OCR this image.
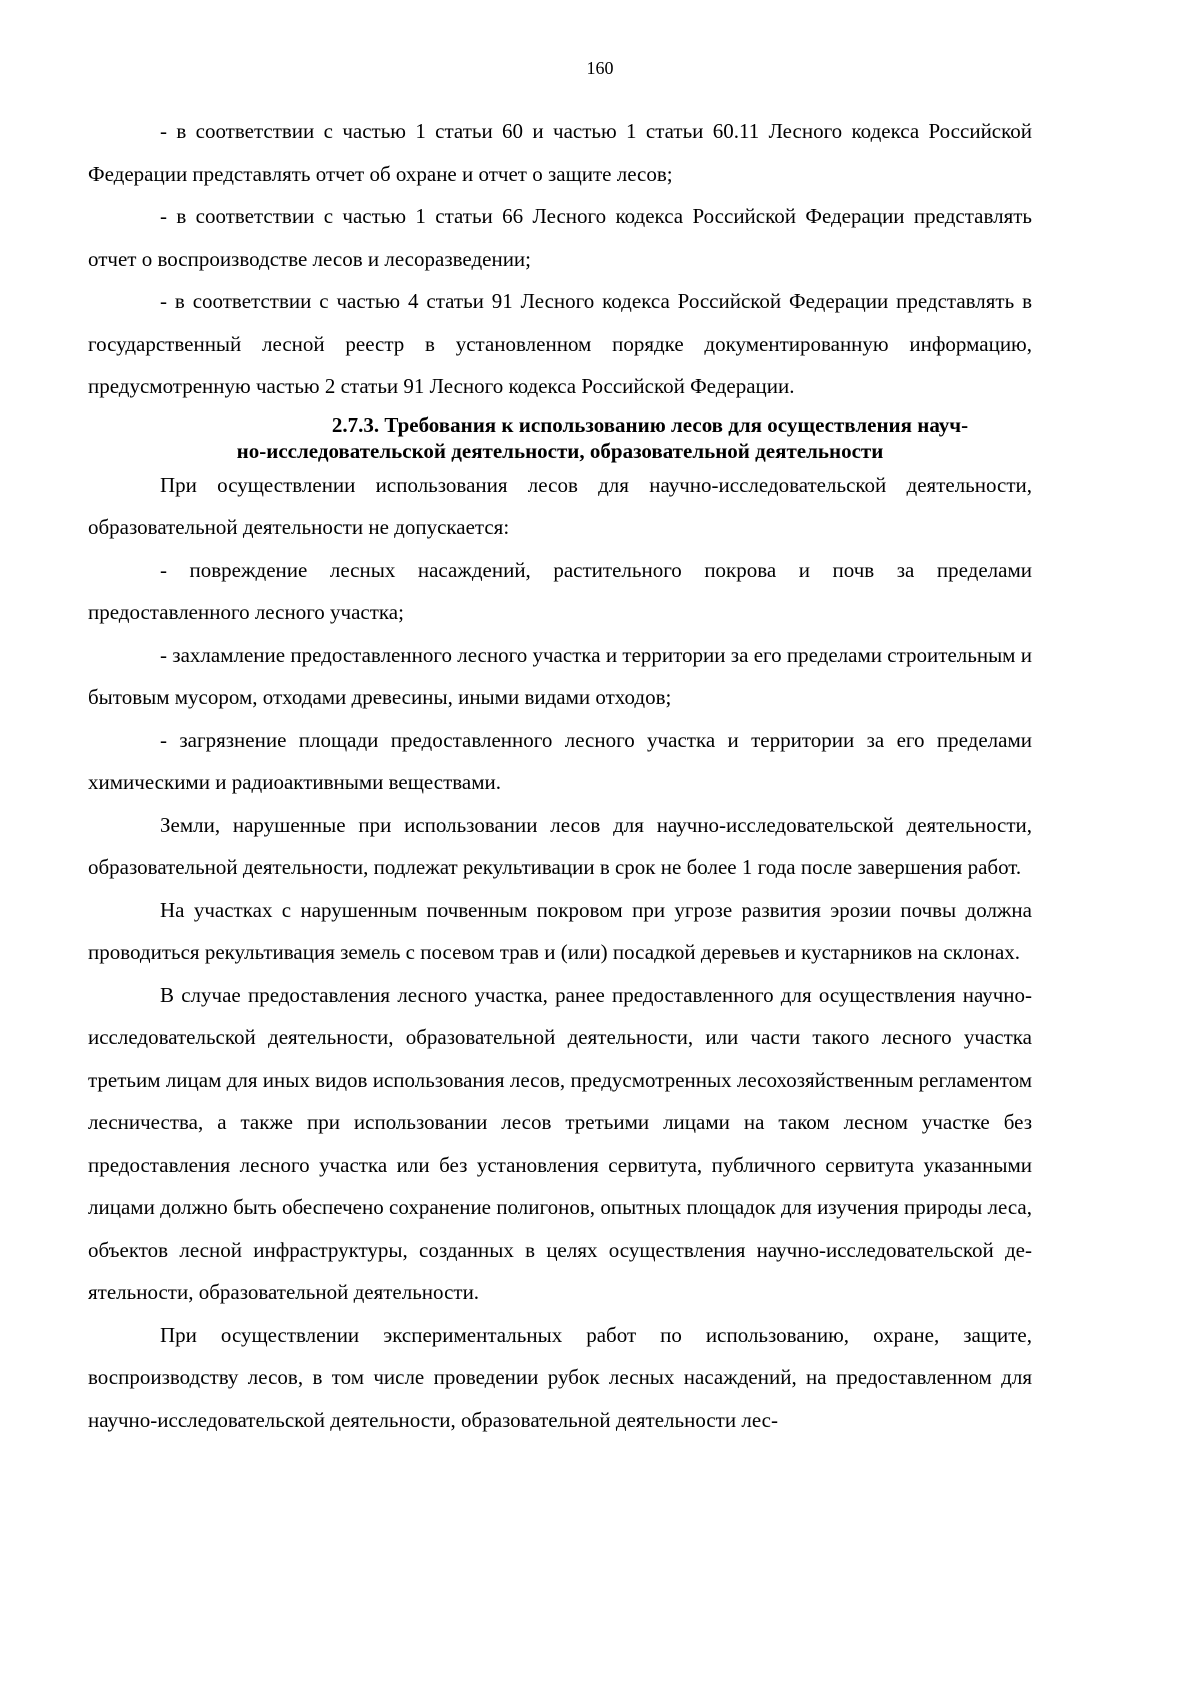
160

- в соответствии с частью 1 статьи 60 и частью 1 статьи 60.11 Лесного кодекса Российской Федерации представлять отчет об охране и отчет о защите лесов;

- в соответствии с частью 1 статьи 66 Лесного кодекса Российской Федерации представлять отчет о воспроизводстве лесов и лесоразведении;

- в соответствии с частью 4 статьи 91 Лесного кодекса Российской Федерации представлять в государственный лесной реестр в установленном порядке документированную информацию, предусмотренную частью 2 статьи 91 Лесного кодекса Российской Федерации.

2.7.3. Требования к использованию лесов для осуществления науч-
но-исследовательской деятельности, образовательной деятельности

При осуществлении использования лесов для научно-исследовательской деятельности, образовательной деятельности не допускается:

- повреждение лесных насаждений, растительного покрова и почв за пределами предоставленного лесного участка;

- захламление предоставленного лесного участка и территории за его пределами строительным и бытовым мусором, отходами древесины, иными видами отходов;

- загрязнение площади предоставленного лесного участка и территории за его пределами химическими и радиоактивными веществами.

Земли, нарушенные при использовании лесов для научно-исследовательской деятельности, образовательной деятельности, подлежат рекультивации в срок не более 1 года после завершения работ.

На участках с нарушенным почвенным покровом при угрозе развития эрозии почвы должна проводиться рекультивация земель с посевом трав и (или) посадкой деревьев и кустарников на склонах.

В случае предоставления лесного участка, ранее предоставленного для осуществления научно-исследовательской деятельности, образовательной деятельности, или части такого лесного участка третьим лицам для иных видов использования лесов, предусмотренных лесохозяйственным регламентом лесничества, а также при использовании лесов третьими лицами на таком лесном участке без предоставления лесного участка или без установления сервитута, публичного сервитута указанными лицами должно быть обеспечено сохранение полигонов, опытных площадок для изучения природы леса, объектов лесной инфраструктуры, созданных в целях осуществления научно-исследовательской деятельности, образовательной деятельности.

При осуществлении экспериментальных работ по использованию, охране, защите, воспроизводству лесов, в том числе проведении рубок лесных насаждений, на предоставленном для научно-исследовательской деятельности, образовательной деятельности лес-
